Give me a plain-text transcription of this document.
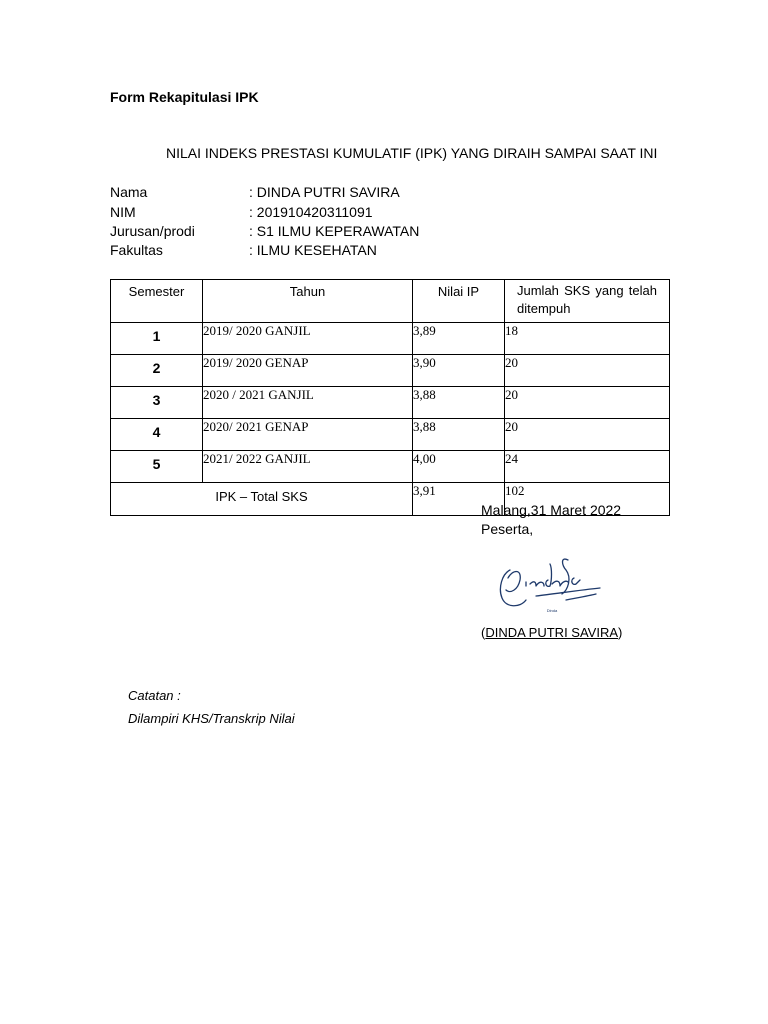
Form Rekapitulasi IPK
NILAI INDEKS PRESTASI KUMULATIF (IPK) YANG DIRAIH SAMPAI SAAT INI
Nama	: DINDA PUTRI SAVIRA
NIM	: 201910420311091
Jurusan/prodi	: S1 ILMU KEPERAWATAN
Fakultas	: ILMU KESEHATAN
Semester	Tahun	Nilai IP	Jumlah SKS yang telah ditempuh
1	2019/ 2020 GANJIL	3,89	18
2	2019/ 2020 GENAP	3,90	20
3	2020 / 2021 GANJIL	3,88	20
4	2020/ 2021 GENAP	3,88	20
5	2021/ 2022 GANJIL	4,00	24
IPK – Total SKS		3,91	102
Malang,31 Maret 2022
Peserta,
Dinda
(DINDA PUTRI SAVIRA)
Catatan :
Dilampiri KHS/Transkrip Nilai
